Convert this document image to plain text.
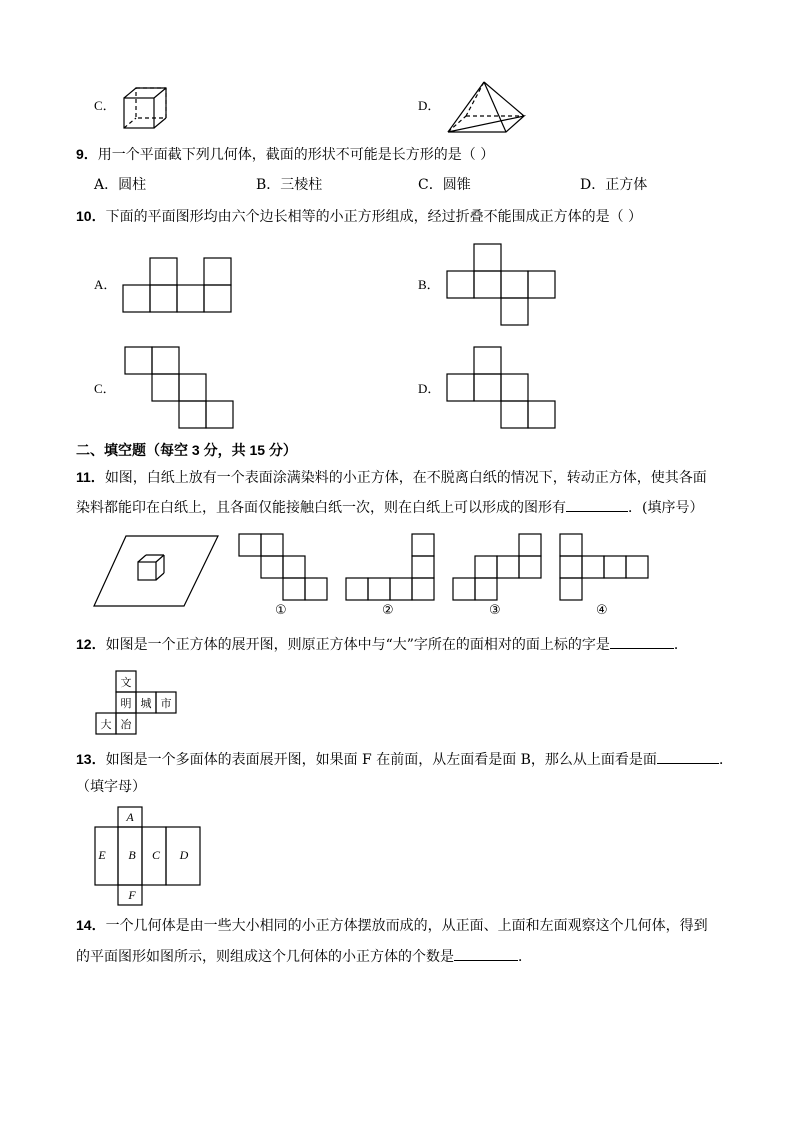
C．	D．
9．用一个平面截下列几何体，截面的形状不可能是长方形的是（ ）
A．圆柱	B．三棱柱	C．圆锥	D．正方体
10．下面的平面图形均由六个边长相等的小正方形组成，经过折叠不能围成正方体的是（ ）
A．	B．
C．	D．
二、填空题（每空 3 分，共 15 分）
11．如图，白纸上放有一个表面涂满染料的小正方体，在不脱离白纸的情况下，转动正方体，使其各面
染料都能印在白纸上，且各面仅能接触白纸一次，则在白纸上可以形成的图形有	．(填序号）
①	②	③	④
12．如图是一个正方体的展开图，则原正方体中与“大”字所在的面相对的面上标的字是	．
文
明 城 市
大 冶
13．如图是一个多面体的表面展开图，如果面 F 在前面，从左面看是面 B，那么从上面看是面	．
（填字母）
A
E	B	C	D
F
14．一个几何体是由一些大小相同的小正方体摆放而成的，从正面、上面和左面观察这个几何体，得到
的平面图形如图所示，则组成这个几何体的小正方体的个数是	．
